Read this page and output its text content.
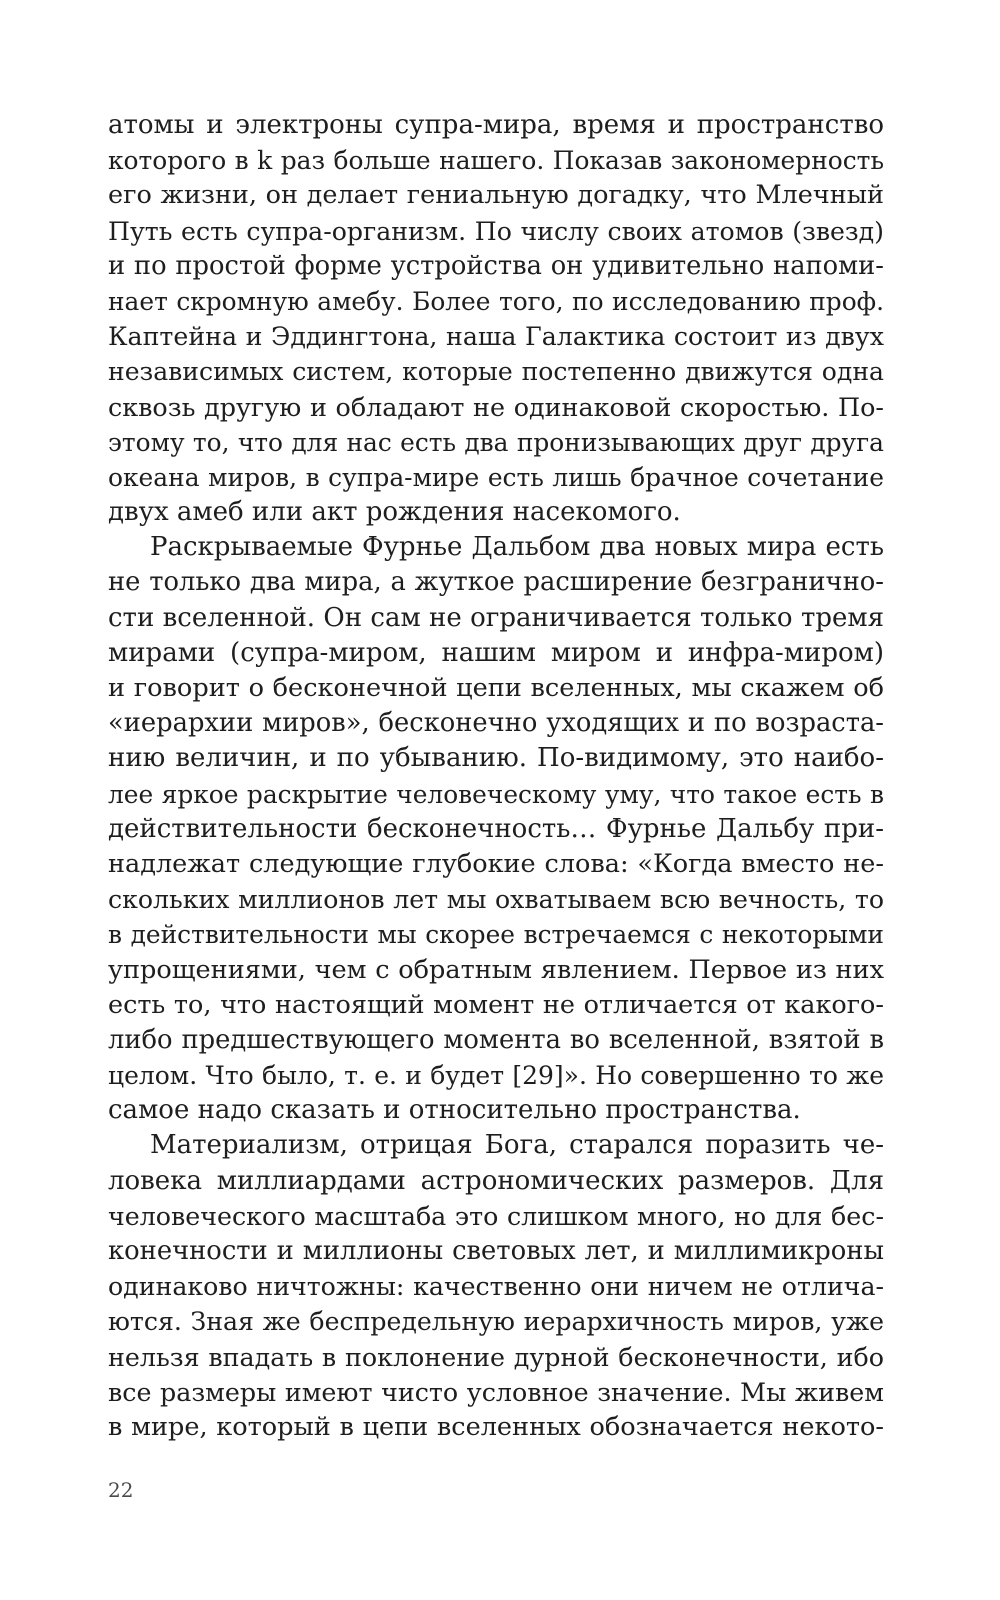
атомы и электроны супра-мира, время и пространство
которого в k раз больше нашего. Показав закономерность
его жизни, он делает гениальную догадку, что Млечный
Путь есть супра-организм. По числу своих атомов (звезд)
и по простой форме устройства он удивительно напоми-
нает скромную амебу. Более того, по исследованию проф.
Каптейна и Эддингтона, наша Галактика состоит из двух
независимых систем, которые постепенно движутся одна
сквозь другую и обладают не одинаковой скоростью. По-
этому то, что для нас есть два пронизывающих друг друга
океана миров, в супра-мире есть лишь брачное сочетание
двух амеб или акт рождения насекомого.
Раскрываемые Фурнье Дальбом два новых мира есть
не только два мира, а жуткое расширение безгранично-
сти вселенной. Он сам не ограничивается только тремя
мирами (супра-миром, нашим миром и инфра-миром)
и говорит о бесконечной цепи вселенных, мы скажем об
«иерархии миров», бесконечно уходящих и по возраста-
нию величин, и по убыванию. По-видимому, это наибо-
лее яркое раскрытие человеческому уму, что такое есть в
действительности бесконечность… Фурнье Дальбу при-
надлежат следующие глубокие слова: «Когда вместо не-
скольких миллионов лет мы охватываем всю вечность, то
в действительности мы скорее встречаемся с некоторыми
упрощениями, чем с обратным явлением. Первое из них
есть то, что настоящий момент не отличается от какого-
либо предшествующего момента во вселенной, взятой в
целом. Что было, т. е. и будет [29]». Но совершенно то же
самое надо сказать и относительно пространства.
Материализм, отрицая Бога, старался поразить че-
ловека миллиардами астрономических размеров. Для
человеческого масштаба это слишком много, но для бес-
конечности и миллионы световых лет, и миллимикроны
одинаково ничтожны: качественно они ничем не отлича-
ются. Зная же беспредельную иерархичность миров, уже
нельзя впадать в поклонение дурной бесконечности, ибо
все размеры имеют чисто условное значение. Мы живем
в мире, который в цепи вселенных обозначается некото-
22
